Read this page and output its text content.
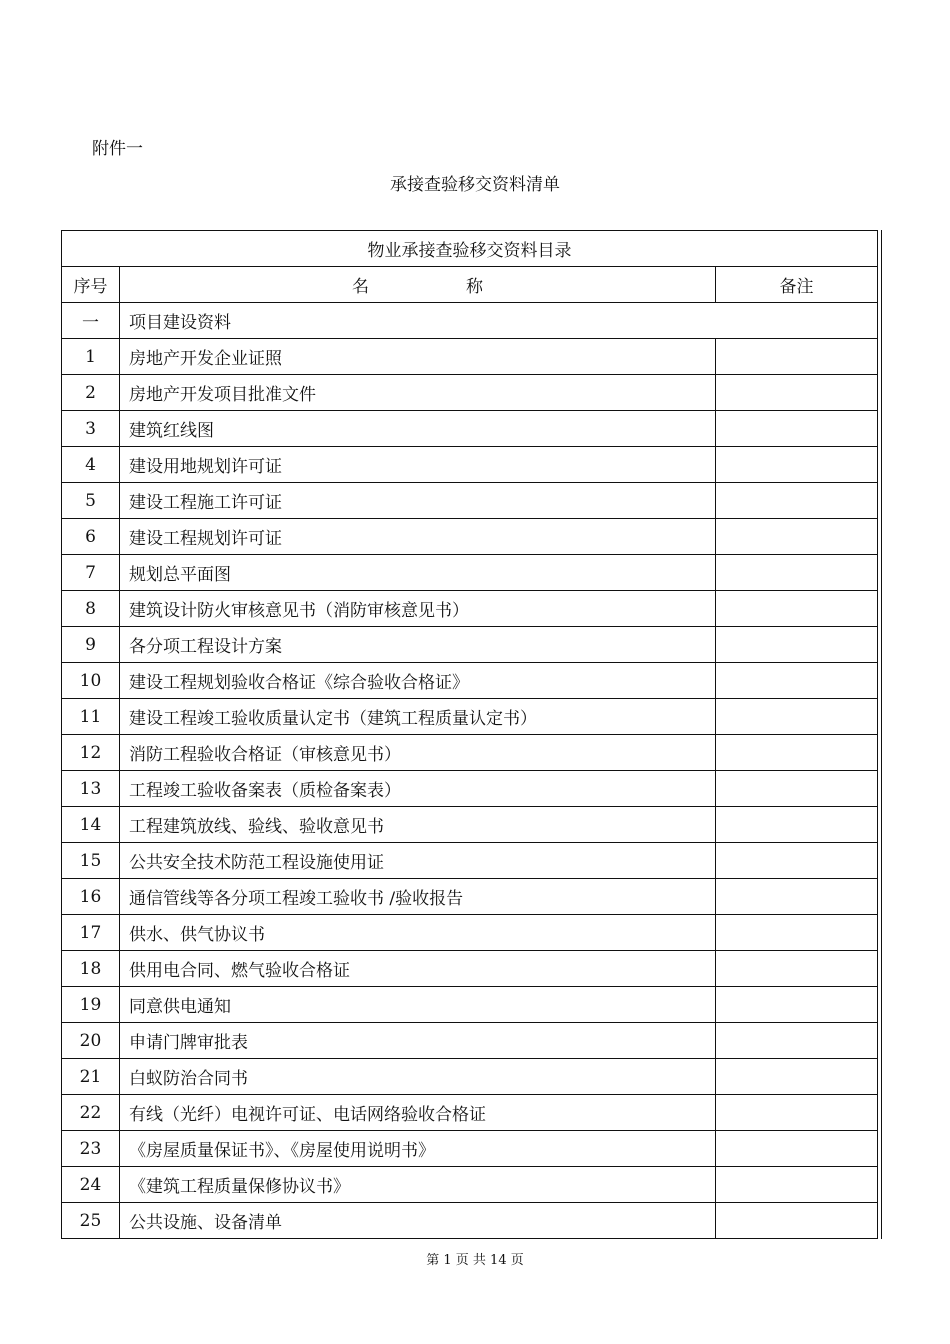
附件一
承接查验移交资料清单
物业承接查验移交资料目录		
序号	名　称	备注
一	项目建设资料	
1	房地产开发企业证照	
2	房地产开发项目批准文件	
3	建筑红线图	
4	建设用地规划许可证	
5	建设工程施工许可证	
6	建设工程规划许可证	
7	规划总平面图	
8	建筑设计防火审核意见书（消防审核意见书）	
9	各分项工程设计方案	
10	建设工程规划验收合格证《综合验收合格证》	
11	建设工程竣工验收质量认定书（建筑工程质量认定书）	
12	消防工程验收合格证（审核意见书）	
13	工程竣工验收备案表（质检备案表）	
14	工程建筑放线、验线、验收意见书	
15	公共安全技术防范工程设施使用证	
16	通信管线等各分项工程竣工验收书 /验收报告	
17	供水、供气协议书	
18	供用电合同、燃气验收合格证	
19	同意供电通知	
20	申请门牌审批表	
21	白蚁防治合同书	
22	有线（光纤）电视许可证、电话网络验收合格证	
23	《房屋质量保证书》、《房屋使用说明书》	
24	《建筑工程质量保修协议书》	
25	公共设施、设备清单	
第 1 页 共 14 页
